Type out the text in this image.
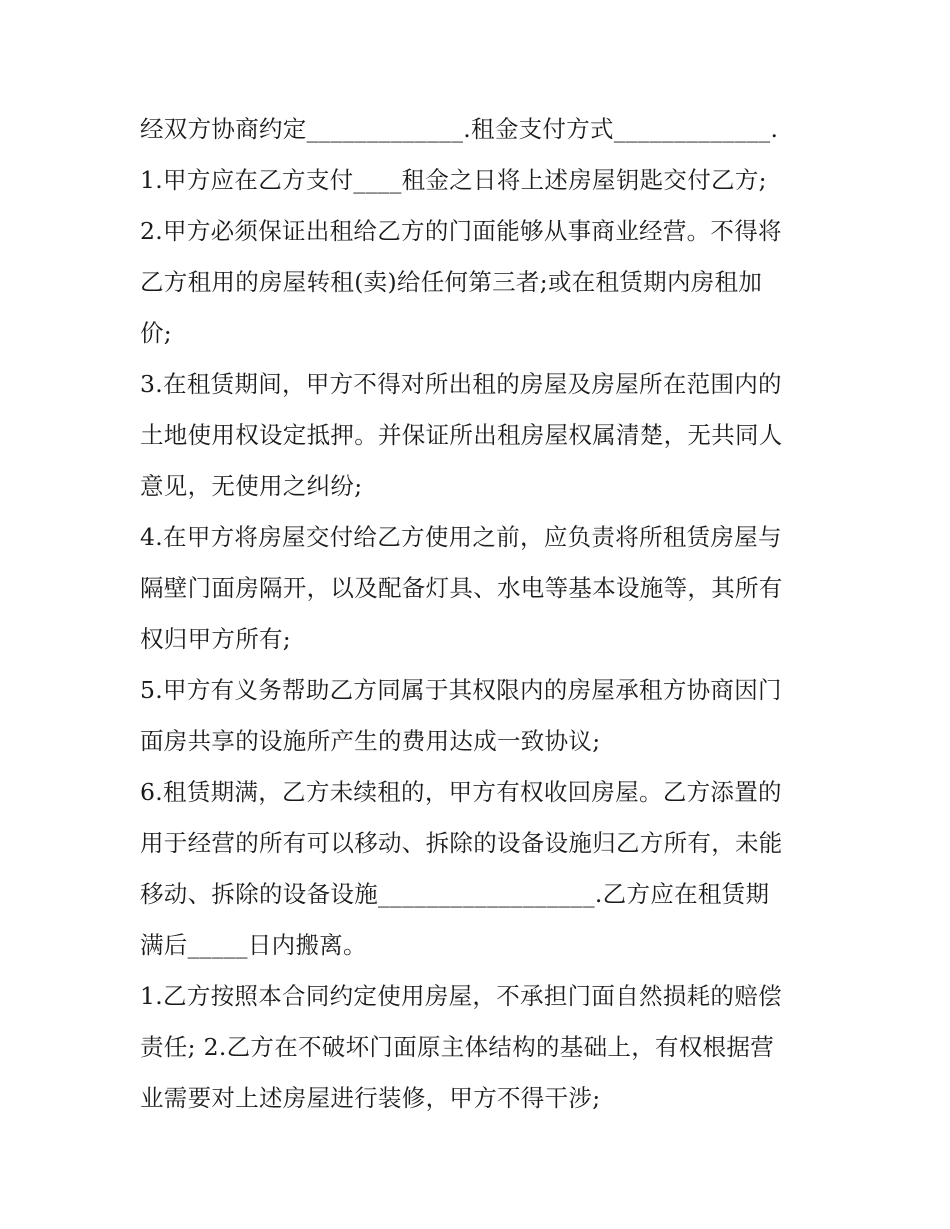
经双方协商约定_____________.租金支付方式_____________.
1.甲方应在乙方支付____租金之日将上述房屋钥匙交付乙方;
2.甲方必须保证出租给乙方的门面能够从事商业经营。不得将
乙方租用的房屋转租(卖)给任何第三者;或在租赁期内房租加
价;
3.在租赁期间，甲方不得对所出租的房屋及房屋所在范围内的
土地使用权设定抵押。并保证所出租房屋权属清楚，无共同人
意见，无使用之纠纷;
4.在甲方将房屋交付给乙方使用之前，应负责将所租赁房屋与
隔壁门面房隔开，以及配备灯具、水电等基本设施等，其所有
权归甲方所有;
5.甲方有义务帮助乙方同属于其权限内的房屋承租方协商因门
面房共享的设施所产生的费用达成一致协议;
6.租赁期满，乙方未续租的，甲方有权收回房屋。乙方添置的
用于经营的所有可以移动、拆除的设备设施归乙方所有，未能
移动、拆除的设备设施__________________.乙方应在租赁期
满后_____日内搬离。
1.乙方按照本合同约定使用房屋，不承担门面自然损耗的赔偿
责任; 2.乙方在不破坏门面原主体结构的基础上，有权根据营
业需要对上述房屋进行装修，甲方不得干涉;
